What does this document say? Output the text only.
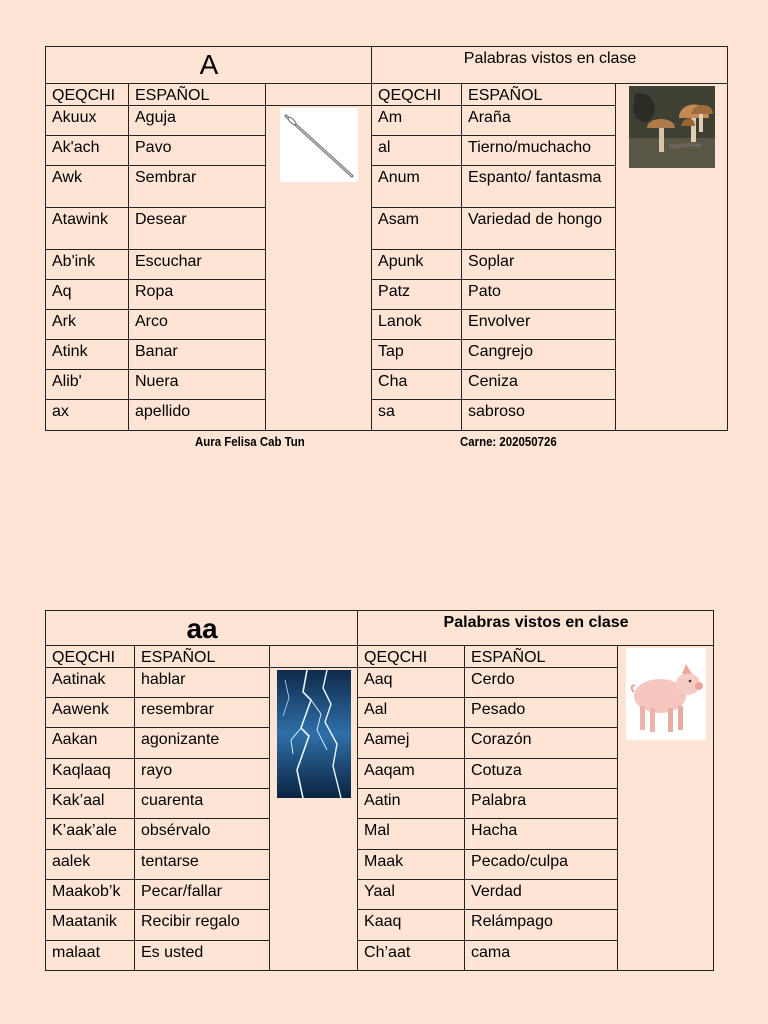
A			Palabras vistos en clase		
QEQCHI	ESPAÑOL		QEQCHI	ESPAÑOL	

Akuux	Aguja		Am	Araña	
Ak'ach	Pavo		al	Tierno/muchacho	
Awk	Sembrar		Anum	Espanto/ fantasma	
Atawink	Desear		Asam	Variedad de hongo	
Ab'ink	Escuchar		Apunk	Soplar	
Aq	Ropa		Patz	Pato	
Ark	Arco		Lanok	Envolver	
Atink	Banar		Tap	Cangrejo	
Alib'	Nuera		Cha	Ceniza	
ax	apellido		sa	sabroso	
Aura Felisa Cab Tun	Carne: 202050726
aa			Palabras vistos en clase		
QEQCHI	ESPAÑOL		QEQCHI	ESPAÑOL	

Aatinak	hablar		Aaq	Cerdo	
Aawenk	resembrar		Aal	Pesado	
Aakan	agonizante		Aamej	Corazón	
Kaqlaaq	rayo		Aaqam	Cotuza	
Kak’aal	cuarenta		Aatin	Palabra	
K’aak’ale	obsérvalo		Mal	Hacha	
aalek	tentarse		Maak	Pecado/culpa	
Maakob’k	Pecar/fallar		Yaal	Verdad	
Maatanik	Recibir regalo		Kaaq	Relámpago	
malaat	Es usted		Ch’aat	cama	
